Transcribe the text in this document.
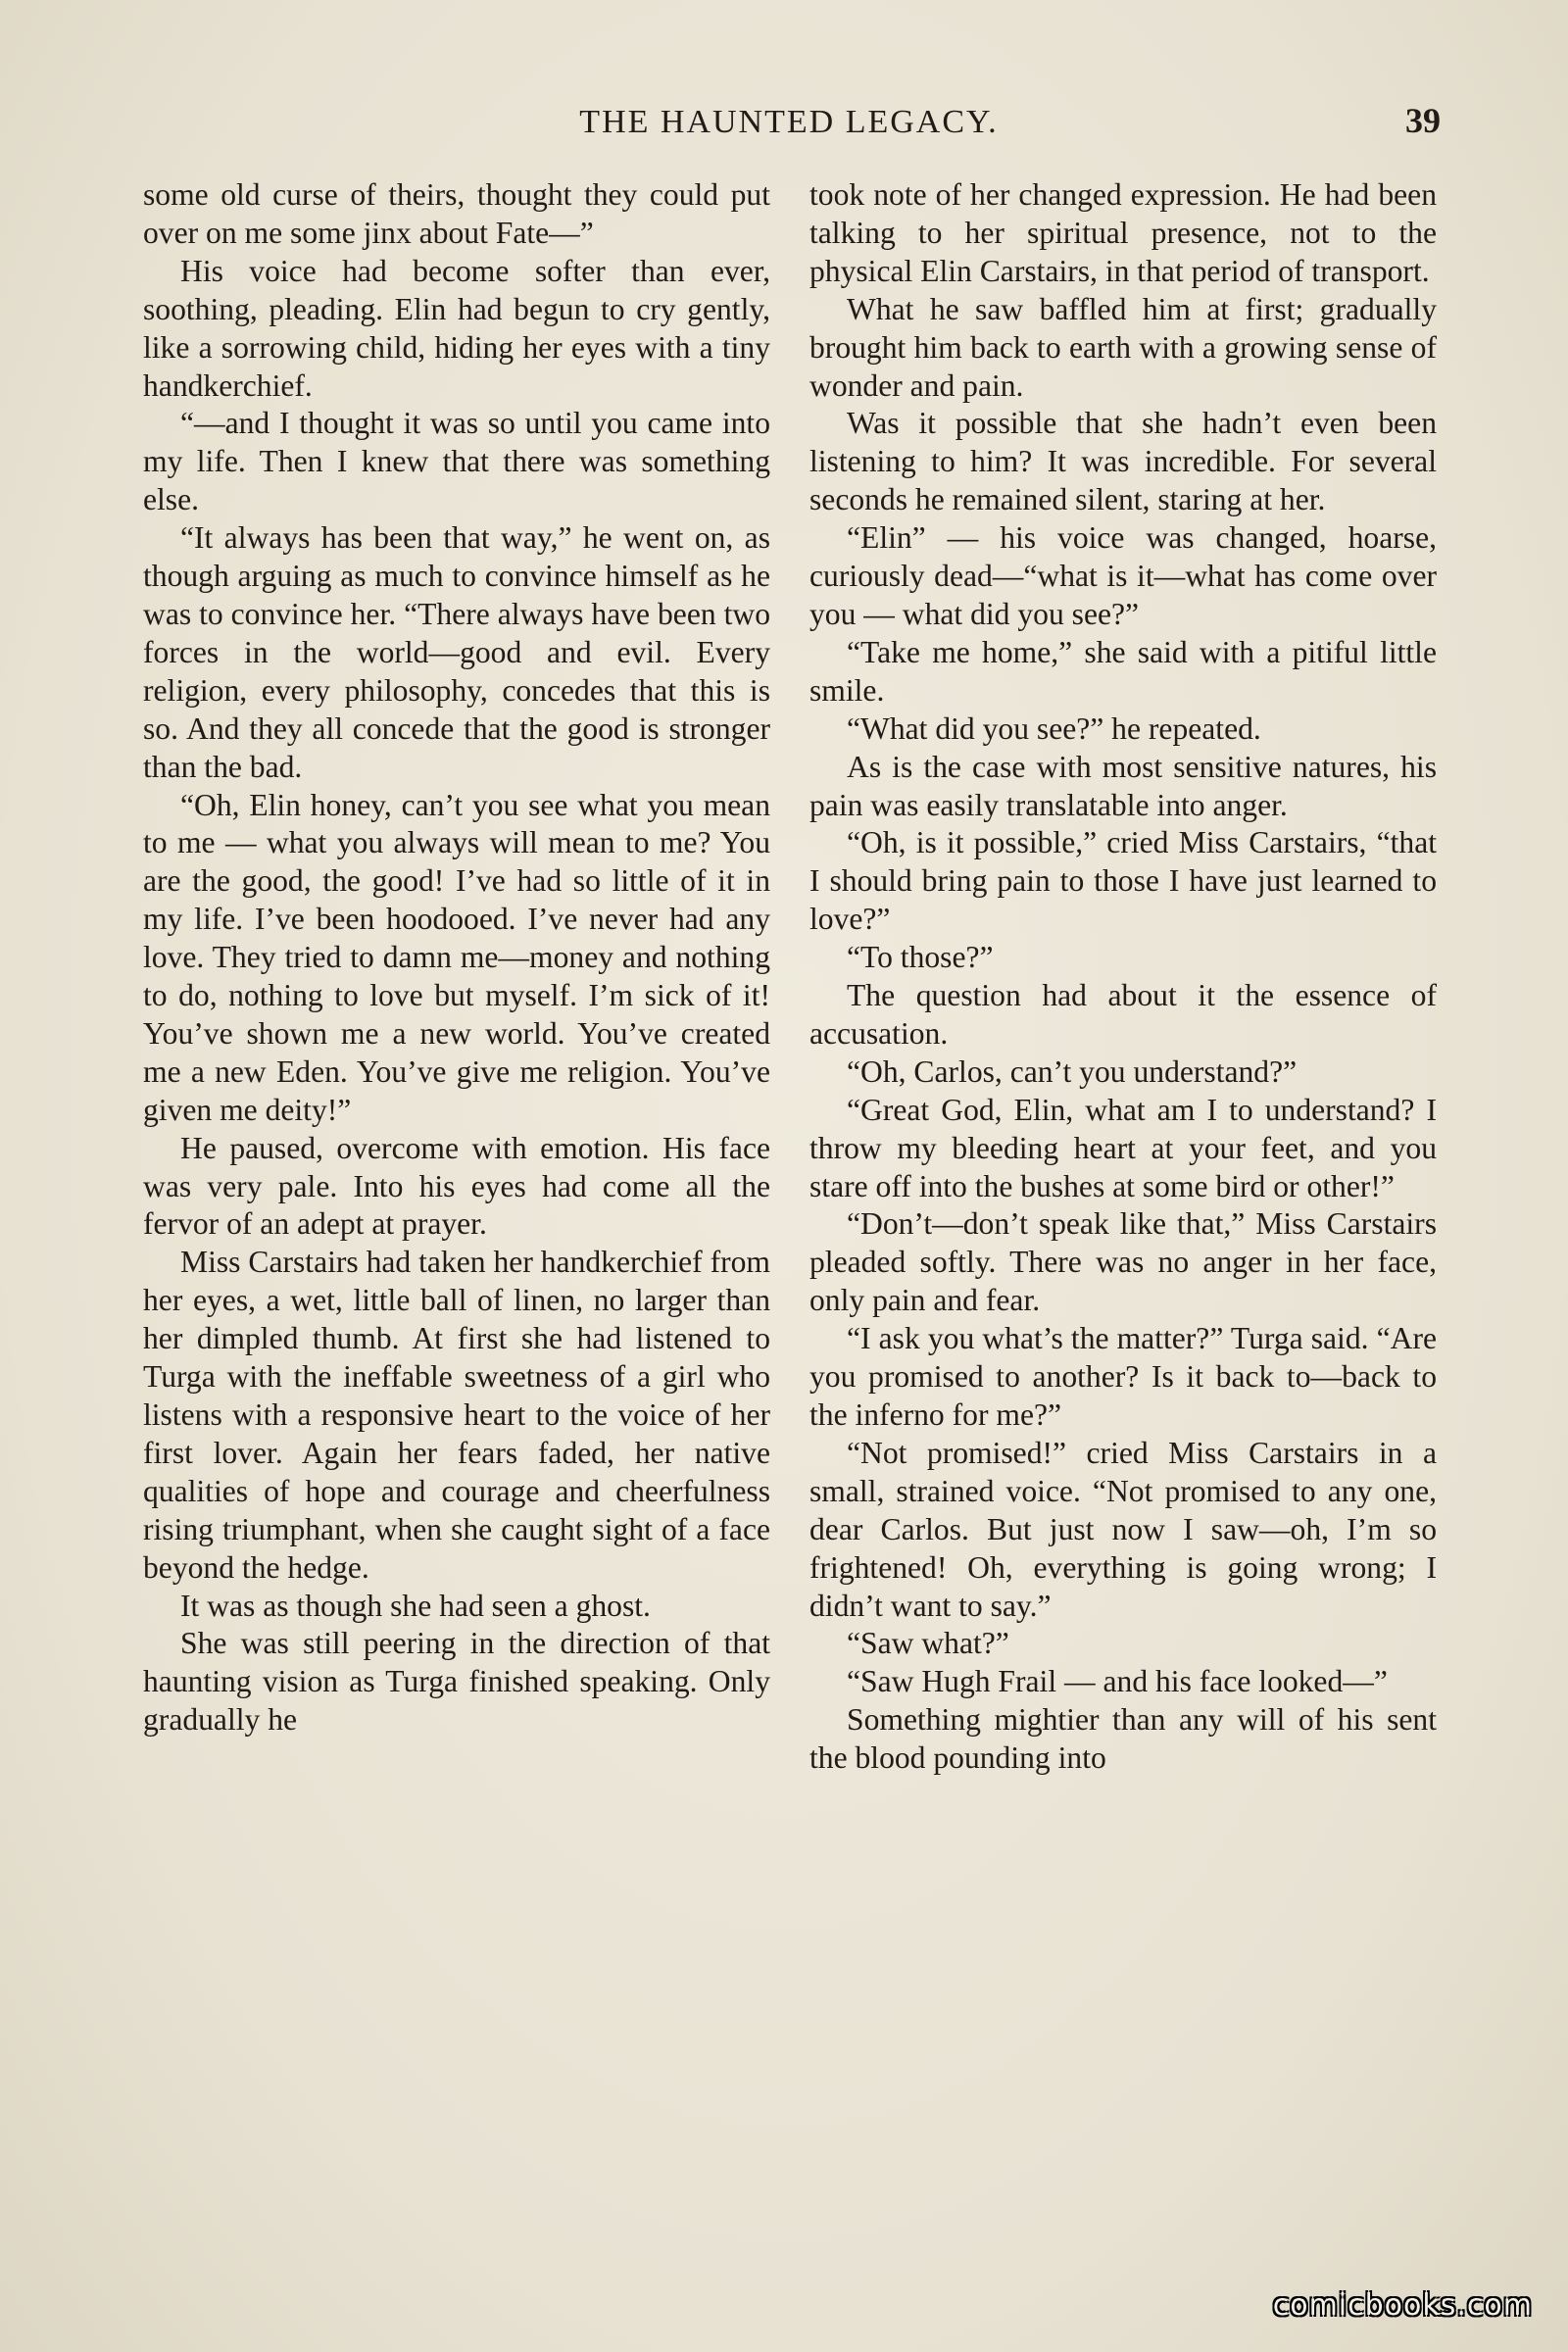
THE HAUNTED LEGACY.	39

some old curse of theirs, thought they could put over on me some jinx about Fate—”

His voice had become softer than ever, soothing, pleading. Elin had begun to cry gently, like a sorrowing child, hiding her eyes with a tiny handkerchief.

“—and I thought it was so until you came into my life. Then I knew that there was something else.

“It always has been that way,” he went on, as though arguing as much to convince himself as he was to convince her. “There always have been two forces in the world—good and evil. Every religion, every philosophy, concedes that this is so. And they all concede that the good is stronger than the bad.

“Oh, Elin honey, can’t you see what you mean to me — what you always will mean to me? You are the good, the good! I’ve had so little of it in my life. I’ve been hoodooed. I’ve never had any love. They tried to damn me—money and nothing to do, nothing to love but myself. I’m sick of it! You’ve shown me a new world. You’ve created me a new Eden. You’ve give me religion. You’ve given me deity!”

He paused, overcome with emotion. His face was very pale. Into his eyes had come all the fervor of an adept at prayer.

Miss Carstairs had taken her handkerchief from her eyes, a wet, little ball of linen, no larger than her dimpled thumb. At first she had listened to Turga with the ineffable sweetness of a girl who listens with a responsive heart to the voice of her first lover. Again her fears faded, her native qualities of hope and courage and cheerfulness rising triumphant, when she caught sight of a face beyond the hedge.

It was as though she had seen a ghost.

She was still peering in the direction of that haunting vision as Turga finished speaking. Only gradually he

took note of her changed expression. He had been talking to her spiritual presence, not to the physical Elin Carstairs, in that period of transport.

What he saw baffled him at first; gradually brought him back to earth with a growing sense of wonder and pain.

Was it possible that she hadn’t even been listening to him? It was incredible. For several seconds he remained silent, staring at her.

“Elin” — his voice was changed, hoarse, curiously dead—“what is it—what has come over you — what did you see?”

“Take me home,” she said with a pitiful little smile.

“What did you see?” he repeated.

As is the case with most sensitive natures, his pain was easily translatable into anger.

“Oh, is it possible,” cried Miss Carstairs, “that I should bring pain to those I have just learned to love?”

“To those?”

The question had about it the essence of accusation.

“Oh, Carlos, can’t you understand?”

“Great God, Elin, what am I to understand? I throw my bleeding heart at your feet, and you stare off into the bushes at some bird or other!”

“Don’t—don’t speak like that,” Miss Carstairs pleaded softly. There was no anger in her face, only pain and fear.

“I ask you what’s the matter?” Turga said. “Are you promised to another? Is it back to—back to the inferno for me?”

“Not promised!” cried Miss Carstairs in a small, strained voice. “Not promised to any one, dear Carlos. But just now I saw—oh, I’m so frightened! Oh, everything is going wrong; I didn’t want to say.”

“Saw what?”

“Saw Hugh Frail — and his face looked—”

Something mightier than any will of his sent the blood pounding into

comicbooks.com
